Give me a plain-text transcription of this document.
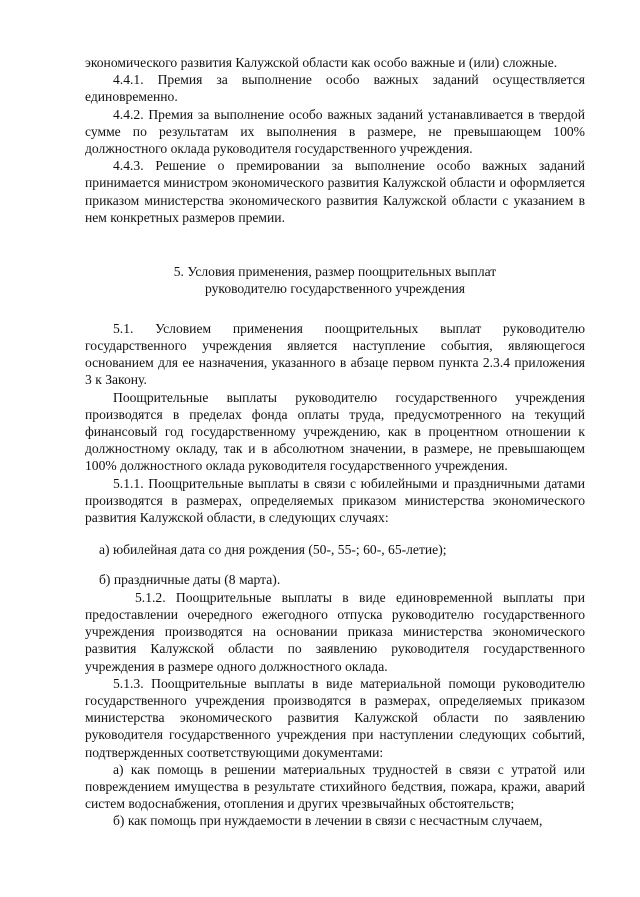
экономического развития Калужской области как особо важные и (или) сложные.

4.4.1. Премия за выполнение особо важных заданий осуществляется единовременно.

4.4.2. Премия за выполнение особо важных заданий устанавливается в твердой сумме по результатам их выполнения в размере, не превышающем 100% должностного оклада руководителя государственного учреждения.

4.4.3. Решение о премировании за выполнение особо важных заданий принимается министром экономического развития Калужской области и оформляется приказом министерства экономического развития Калужской области с указанием в нем конкретных размеров премии.

5. Условия применения, размер поощрительных выплат

руководителю государственного учреждения

5.1. Условием применения поощрительных выплат руководителю государственного учреждения является наступление события, являющегося основанием для ее назначения, указанного в абзаце первом пункта 2.3.4 приложения 3 к Закону.

Поощрительные выплаты руководителю государственного учреждения производятся в пределах фонда оплаты труда, предусмотренного на текущий финансовый год государственному учреждению, как в процентном отношении к должностному окладу, так и в абсолютном значении, в размере, не превышающем 100% должностного оклада руководителя государственного учреждения.

5.1.1. Поощрительные выплаты в связи с юбилейными и праздничными датами производятся в размерах, определяемых приказом министерства экономического развития Калужской области, в следующих случаях:

а) юбилейная дата со дня рождения (50-, 55-; 60-, 65-летие);

б) праздничные даты (8 марта).

5.1.2. Поощрительные выплаты в виде единовременной выплаты при предоставлении очередного ежегодного отпуска руководителю государственного учреждения производятся на основании приказа министерства экономического развития Калужской области по заявлению руководителя государственного учреждения в размере одного должностного оклада.

5.1.3. Поощрительные выплаты в виде материальной помощи руководителю государственного учреждения производятся в размерах, определяемых приказом министерства экономического развития Калужской области по заявлению руководителя государственного учреждения при наступлении следующих событий, подтвержденных соответствующими документами:

а) как помощь в решении материальных трудностей в связи с утратой или повреждением имущества в результате стихийного бедствия, пожара, кражи, аварий систем водоснабжения, отопления и других чрезвычайных обстоятельств;

б) как помощь при нуждаемости в лечении в связи с несчастным случаем,
